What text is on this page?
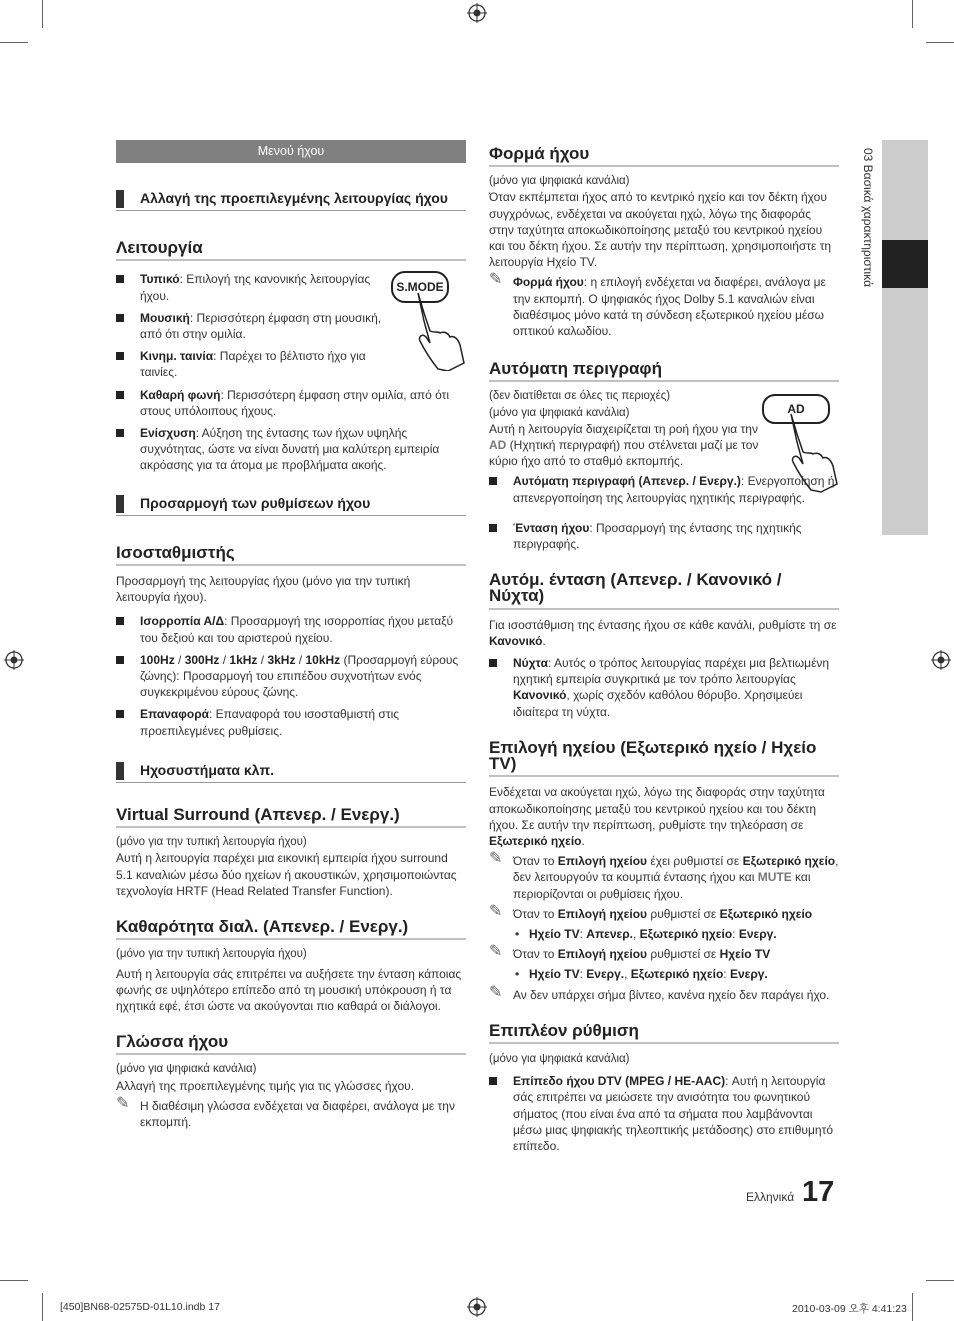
03 Βασικά χαρακτηριστικά
Μενού ήχου
Αλλαγή της προεπιλεγμένης λειτουργίας ήχου
Λειτουργία
Τυπικό: Επιλογή της κανονικής λειτουργίας ήχου.
Μουσική: Περισσότερη έμφαση στη μουσική, από ότι στην ομιλία.
Κινημ. ταινία: Παρέχει το βέλτιστο ήχο για ταινίες.
Καθαρή φωνή: Περισσότερη έμφαση στην ομιλία, από ότι στους υπόλοιπους ήχους.
Ενίσχυση: Αύξηση της έντασης των ήχων υψηλής συχνότητας, ώστε να είναι δυνατή μια καλύτερη εμπειρία ακρόασης για τα άτομα με προβλήματα ακοής.
S.MODE
Προσαρμογή των ρυθμίσεων ήχου
Ισοσταθμιστής

Προσαρμογή της λειτουργίας ήχου (μόνο για την τυπική λειτουργία ήχου).

Ισορροπία Α/Δ: Προσαρμογή της ισορροπίας ήχου μεταξύ του δεξιού και του αριστερού ηχείου.
100Hz / 300Hz / 1kHz / 3kHz / 10kHz (Προσαρμογή εύρους ζώνης): Προσαρμογή του επιπέδου συχνοτήτων ενός συγκεκριμένου εύρους ζώνης.
Επαναφορά: Επαναφορά του ισοσταθμιστή στις προεπιλεγμένες ρυθμίσεις.
Ηχοσυστήματα κλπ.
Virtual Surround (Απενερ. / Ενεργ.)

(μόνο για την τυπική λειτουργία ήχου)

Αυτή η λειτουργία παρέχει μια εικονική εμπειρία ήχου surround 5.1 καναλιών μέσω δύο ηχείων ή ακουστικών, χρησιμοποιώντας τεχνολογία HRTF (Head Related Transfer Function).

Καθαρότητα διαλ. (Απενερ. / Ενεργ.)

(μόνο για την τυπική λειτουργία ήχου)

Αυτή η λειτουργία σάς επιτρέπει να αυξήσετε την ένταση κάποιας φωνής σε υψηλότερο επίπεδο από τη μουσική υπόκρουση ή τα ηχητικά εφέ, έτσι ώστε να ακούγονται πιο καθαρά οι διάλογοι.

Γλώσσα ήχου

(μόνο για ψηφιακά κανάλια)

Αλλαγή της προεπιλεγμένης τιμής για τις γλώσσες ήχου.

✎ Η διαθέσιμη γλώσσα ενδέχεται να διαφέρει, ανάλογα με την εκπομπή.
Φορμά ήχου

(μόνο για ψηφιακά κανάλια)

Όταν εκπέμπεται ήχος από το κεντρικό ηχείο και τον δέκτη ήχου συγχρόνως, ενδέχεται να ακούγεται ηχώ, λόγω της διαφοράς στην ταχύτητα αποκωδικοποίησης μεταξύ του κεντρικού ηχείου και του δέκτη ήχου. Σε αυτήν την περίπτωση, χρησιμοποιήστε τη λειτουργία Ηχείο TV.

✎ Φορμά ήχου: η επιλογή ενδέχεται να διαφέρει, ανάλογα με την εκπομπή. Ο ψηφιακός ήχος Dolby 5.1 καναλιών είναι διαθέσιμος μόνο κατά τη σύνδεση εξωτερικού ηχείου μέσω οπτικού καλωδίου.
Αυτόματη περιγραφή
(δεν διατίθεται σε όλες τις περιοχές)
(μόνο για ψηφιακά κανάλια)

Αυτή η λειτουργία διαχειρίζεται τη ροή ήχου για την AD (Ηχητική περιγραφή) που στέλνεται μαζί με τον κύριο ήχο από το σταθμό εκπομπής.

AD
Αυτόματη περιγραφή (Απενερ. / Ενεργ.): Ενεργοποίηση ή απενεργοποίηση της λειτουργίας ηχητικής περιγραφής.
Ένταση ήχου: Προσαρμογή της έντασης της ηχητικής περιγραφής.
Αυτόμ. ένταση (Απενερ. / Κανονικό / Νύχτα)

Για ισοστάθμιση της έντασης ήχου σε κάθε κανάλι, ρυθμίστε τη σε Κανονικό.

Νύχτα: Αυτός ο τρόπος λειτουργίας παρέχει μια βελτιωμένη ηχητική εμπειρία συγκριτικά με τον τρόπο λειτουργίας Κανονικό, χωρίς σχεδόν καθόλου θόρυβο. Χρησιμεύει ιδιαίτερα τη νύχτα.
Επιλογή ηχείου (Εξωτερικό ηχείο / Ηχείο TV)

Ενδέχεται να ακούγεται ηχώ, λόγω της διαφοράς στην ταχύτητα αποκωδικοποίησης μεταξύ του κεντρικού ηχείου και του δέκτη ήχου. Σε αυτήν την περίπτωση, ρυθμίστε την τηλεόραση σε Εξωτερικό ηχείο.

✎ Όταν το Επιλογή ηχείου έχει ρυθμιστεί σε Εξωτερικό ηχείο, δεν λειτουργούν τα κουμπιά έντασης ήχου και MUTE και περιορίζονται οι ρυθμίσεις ήχου.
✎ Όταν το Επιλογή ηχείου ρυθμιστεί σε Εξωτερικό ηχείο
• Ηχείο TV: Απενερ., Εξωτερικό ηχείο: Ενεργ.
✎ Όταν το Επιλογή ηχείου ρυθμιστεί σε Ηχείο TV
• Ηχείο TV: Ενεργ., Εξωτερικό ηχείο: Ενεργ.
✎ Αν δεν υπάρχει σήμα βίντεο, κανένα ηχείο δεν παράγει ήχο.
Επιπλέον ρύθμιση

(μόνο για ψηφιακά κανάλια)

Επίπεδο ήχου DTV (MPEG / HE-AAC): Αυτή η λειτουργία σάς επιτρέπει να μειώσετε την ανισότητα του φωνητικού σήματος (που είναι ένα από τα σήματα που λαμβάνονται μέσω μιας ψηφιακής τηλεοπτικής μετάδοσης) στο επιθυμητό επίπεδο.
Ελληνικά 17
[450]BN68-02575D-01L10.indb 17	2010-03-09 오후 4:41:23
